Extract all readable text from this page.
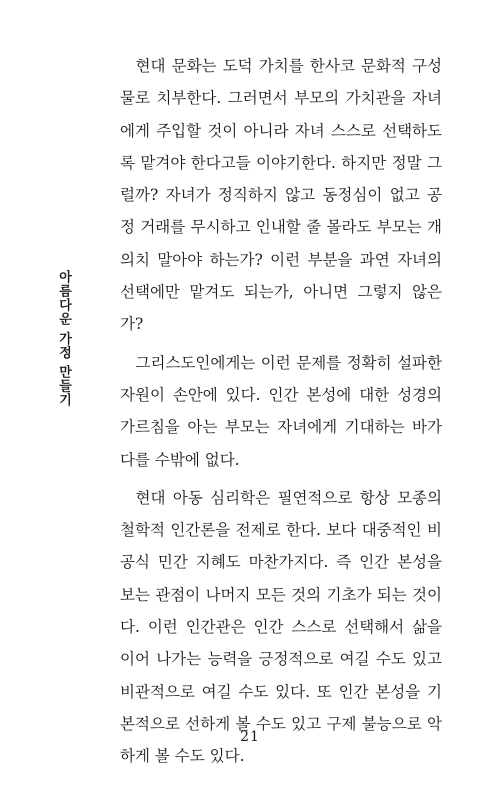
아름다운 가정 만들기

현대 문화는 도덕 가치를 한사코 문화적 구성물로 치부한다. 그러면서 부모의 가치관을 자녀에게 주입할 것이 아니라 자녀 스스로 선택하도록 맡겨야 한다고들 이야기한다. 하지만 정말 그럴까? 자녀가 정직하지 않고 동정심이 없고 공정 거래를 무시하고 인내할 줄 몰라도 부모는 개의치 말아야 하는가? 이런 부분을 과연 자녀의 선택에만 맡겨도 되는가, 아니면 그렇지 않은가?

그리스도인에게는 이런 문제를 정확히 설파한 자원이 손안에 있다. 인간 본성에 대한 성경의 가르침을 아는 부모는 자녀에게 기대하는 바가 다를 수밖에 없다.

현대 아동 심리학은 필연적으로 항상 모종의 철학적 인간론을 전제로 한다. 보다 대중적인 비공식 민간 지혜도 마찬가지다. 즉 인간 본성을 보는 관점이 나머지 모든 것의 기초가 되는 것이다. 이런 인간관은 인간 스스로 선택해서 삶을 이어 나가는 능력을 긍정적으로 여길 수도 있고 비관적으로 여길 수도 있다. 또 인간 본성을 기본적으로 선하게 볼 수도 있고 구제 불능으로 악하게 볼 수도 있다.

21
